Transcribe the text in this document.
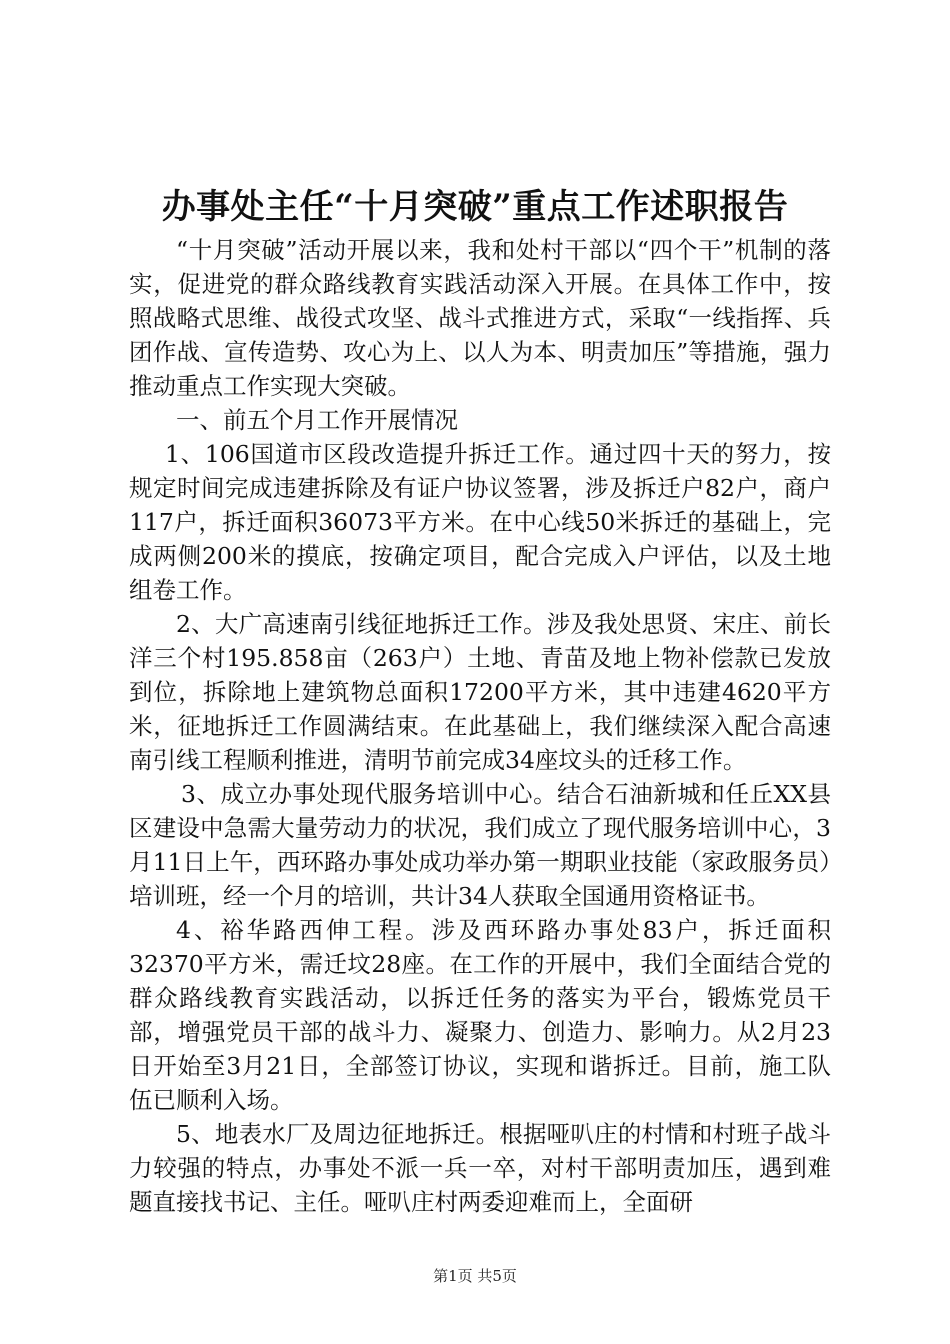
办事处主任“十月突破”重点工作述职报告

“十月突破”活动开展以来，我和处村干部以“四个干”机制的落实，促进党的群众路线教育实践活动深入开展。在具体工作中，按照战略式思维、战役式攻坚、战斗式推进方式，采取“一线指挥、兵团作战、宣传造势、攻心为上、以人为本、明责加压”等措施，强力推动重点工作实现大突破。

一、前五个月工作开展情况

1、106国道市区段改造提升拆迁工作。通过四十天的努力，按规定时间完成违建拆除及有证户协议签署，涉及拆迁户82户，商户117户，拆迁面积36073平方米。在中心线50米拆迁的基础上，完成两侧200米的摸底，按确定项目，配合完成入户评估，以及土地组卷工作。

2、大广高速南引线征地拆迁工作。涉及我处思贤、宋庄、前长洋三个村195.858亩（263户）土地、青苗及地上物补偿款已发放到位，拆除地上建筑物总面积17200平方米，其中违建4620平方米，征地拆迁工作圆满结束。在此基础上，我们继续深入配合高速南引线工程顺利推进，清明节前完成34座坟头的迁移工作。

3、成立办事处现代服务培训中心。结合石油新城和任丘XX县区建设中急需大量劳动力的状况，我们成立了现代服务培训中心，3月11日上午，西环路办事处成功举办第一期职业技能（家政服务员）培训班，经一个月的培训，共计34人获取全国通用资格证书。

4、裕华路西伸工程。涉及西环路办事处83户，拆迁面积32370平方米，需迁坟28座。在工作的开展中，我们全面结合党的群众路线教育实践活动，以拆迁任务的落实为平台，锻炼党员干部，增强党员干部的战斗力、凝聚力、创造力、影响力。从2月23日开始至3月21日，全部签订协议，实现和谐拆迁。目前，施工队伍已顺利入场。

5、地表水厂及周边征地拆迁。根据哑叭庄的村情和村班子战斗力较强的特点，办事处不派一兵一卒，对村干部明责加压，遇到难题直接找书记、主任。哑叭庄村两委迎难而上，全面研

第1页 共5页
